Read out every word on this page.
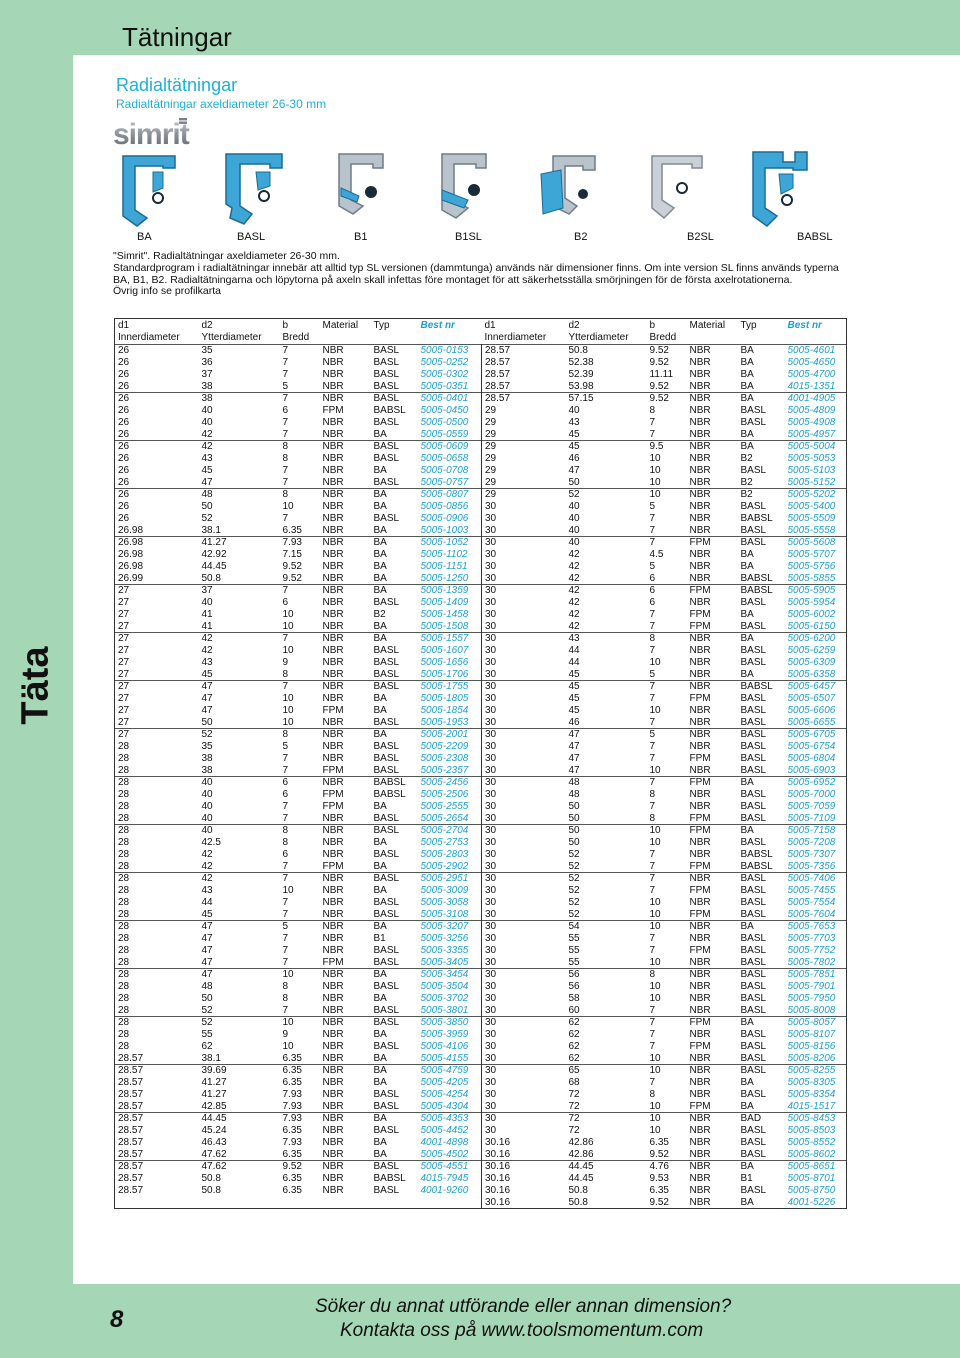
Täta
Tätningar
Radialtätningar
Radialtätningar axeldiameter 26-30 mm
simrit
BA	BASL	B1	B1SL	B2	B2SL	BABSL

"Simrit". Radialtätningar axeldiameter 26-30 mm.

Standardprogram i radialtätningar innebär att alltid typ SL versionen (dammtunga) används när dimensioner finns. Om inte version SL finns används typerna BA, B1, B2. Radialtätningarna och löpytorna på axeln skall infettas före montaget för att säkerhetsställa smörjningen för de första axelrotationerna.

Övrig info se profilkarta

d1	d2	b	Material	Typ	Best nr	d1	d2	b	Material	Typ	Best nr
Innerdiameter	Ytterdiameter	Bredd				Innerdiameter	Ytterdiameter	Bredd			
26	35	7	NBR	BASL	5005-0153	28.57	50.8	9.52	NBR	BA	5005-4601
26	36	7	NBR	BASL	5005-0252	28.57	52.38	9.52	NBR	BA	5005-4650
26	37	7	NBR	BASL	5005-0302	28.57	52.39	11.11	NBR	BA	5005-4700
26	38	5	NBR	BASL	5005-0351	28.57	53.98	9.52	NBR	BA	4015-1351
26	38	7	NBR	BASL	5005-0401	28.57	57.15	9.52	NBR	BA	4001-4905
26	40	6	FPM	BABSL	5005-0450	29	40	8	NBR	BASL	5005-4809
26	40	7	NBR	BASL	5005-0500	29	43	7	NBR	BASL	5005-4908
26	42	7	NBR	BA	5005-0559	29	45	7	NBR	BA	5005-4957
26	42	8	NBR	BASL	5005-0609	29	45	9.5	NBR	BA	5005-5004
26	43	8	NBR	BASL	5005-0658	29	46	10	NBR	B2	5005-5053
26	45	7	NBR	BA	5005-0708	29	47	10	NBR	BASL	5005-5103
26	47	7	NBR	BASL	5005-0757	29	50	10	NBR	B2	5005-5152
26	48	8	NBR	BA	5005-0807	29	52	10	NBR	B2	5005-5202
26	50	10	NBR	BA	5005-0856	30	40	5	NBR	BASL	5005-5400
26	52	7	NBR	BASL	5005-0906	30	40	7	NBR	BABSL	5005-5509
26.98	38.1	6.35	NBR	BA	5005-1003	30	40	7	NBR	BASL	5005-5558
26.98	41.27	7.93	NBR	BA	5005-1052	30	40	7	FPM	BASL	5005-5608
26.98	42.92	7.15	NBR	BA	5005-1102	30	42	4.5	NBR	BA	5005-5707
26.98	44.45	9.52	NBR	BA	5005-1151	30	42	5	NBR	BA	5005-5756
26.99	50.8	9.52	NBR	BA	5005-1250	30	42	6	NBR	BABSL	5005-5855
27	37	7	NBR	BA	5005-1359	30	42	6	FPM	BABSL	5005-5905
27	40	6	NBR	BASL	5005-1409	30	42	6	NBR	BASL	5005-5954
27	41	10	NBR	B2	5005-1458	30	42	7	FPM	BA	5005-6002
27	41	10	NBR	BA	5005-1508	30	42	7	FPM	BASL	5005-6150
27	42	7	NBR	BA	5005-1557	30	43	8	NBR	BA	5005-6200
27	42	10	NBR	BASL	5005-1607	30	44	7	NBR	BASL	5005-6259
27	43	9	NBR	BASL	5005-1656	30	44	10	NBR	BASL	5005-6309
27	45	8	NBR	BASL	5005-1706	30	45	5	NBR	BA	5005-6358
27	47	7	NBR	BASL	5005-1755	30	45	7	NBR	BABSL	5005-6457
27	47	10	NBR	BA	5005-1805	30	45	7	FPM	BASL	5005-6507
27	47	10	FPM	BA	5005-1854	30	45	10	NBR	BASL	5005-6606
27	50	10	NBR	BASL	5005-1953	30	46	7	NBR	BASL	5005-6655
27	52	8	NBR	BA	5005-2001	30	47	5	NBR	BASL	5005-6705
28	35	5	NBR	BASL	5005-2209	30	47	7	NBR	BASL	5005-6754
28	38	7	NBR	BASL	5005-2308	30	47	7	FPM	BASL	5005-6804
28	38	7	FPM	BASL	5005-2357	30	47	10	NBR	BASL	5005-6903
28	40	6	NBR	BABSL	5005-2456	30	48	7	FPM	BA	5005-6952
28	40	6	FPM	BABSL	5005-2506	30	48	8	NBR	BASL	5005-7000
28	40	7	FPM	BA	5005-2555	30	50	7	NBR	BASL	5005-7059
28	40	7	NBR	BASL	5005-2654	30	50	8	FPM	BASL	5005-7109
28	40	8	NBR	BASL	5005-2704	30	50	10	FPM	BA	5005-7158
28	42.5	8	NBR	BA	5005-2753	30	50	10	NBR	BASL	5005-7208
28	42	6	NBR	BASL	5005-2803	30	52	7	NBR	BABSL	5005-7307
28	42	7	FPM	BA	5005-2902	30	52	7	FPM	BABSL	5005-7356
28	42	7	NBR	BASL	5005-2951	30	52	7	NBR	BASL	5005-7406
28	43	10	NBR	BA	5005-3009	30	52	7	FPM	BASL	5005-7455
28	44	7	NBR	BASL	5005-3058	30	52	10	NBR	BASL	5005-7554
28	45	7	NBR	BASL	5005-3108	30	52	10	FPM	BASL	5005-7604
28	47	5	NBR	BA	5005-3207	30	54	10	NBR	BA	5005-7653
28	47	7	NBR	B1	5005-3256	30	55	7	NBR	BASL	5005-7703
28	47	7	NBR	BASL	5005-3355	30	55	7	FPM	BASL	5005-7752
28	47	7	FPM	BASL	5005-3405	30	55	10	NBR	BASL	5005-7802
28	47	10	NBR	BA	5005-3454	30	56	8	NBR	BASL	5005-7851
28	48	8	NBR	BASL	5005-3504	30	56	10	NBR	BASL	5005-7901
28	50	8	NBR	BA	5005-3702	30	58	10	NBR	BASL	5005-7950
28	52	7	NBR	BASL	5005-3801	30	60	7	NBR	BASL	5005-8008
28	52	10	NBR	BASL	5005-3850	30	62	7	FPM	BA	5005-8057
28	55	9	NBR	BA	5005-3959	30	62	7	NBR	BASL	5005-8107
28	62	10	NBR	BASL	5005-4106	30	62	7	FPM	BASL	5005-8156
28.57	38.1	6.35	NBR	BA	5005-4155	30	62	10	NBR	BASL	5005-8206
28.57	39.69	6.35	NBR	BA	5005-4759	30	65	10	NBR	BASL	5005-8255
28.57	41.27	6.35	NBR	BA	5005-4205	30	68	7	NBR	BA	5005-8305
28.57	41.27	7.93	NBR	BASL	5005-4254	30	72	8	NBR	BASL	5005-8354
28.57	42.85	7.93	NBR	BASL	5005-4304	30	72	10	FPM	BA	4015-1517
28.57	44.45	7.93	NBR	BA	5005-4353	30	72	10	NBR	BAD	5005-8453
28.57	45.24	6.35	NBR	BASL	5005-4452	30	72	10	NBR	BASL	5005-8503
28.57	46.43	7.93	NBR	BA	4001-4898	30.16	42.86	6.35	NBR	BASL	5005-8552
28.57	47.62	6.35	NBR	BA	5005-4502	30.16	42.86	9.52	NBR	BASL	5005-8602
28.57	47.62	9.52	NBR	BASL	5005-4551	30.16	44.45	4.76	NBR	BA	5005-8651
28.57	50.8	6.35	NBR	BABSL	4015-7945	30.16	44.45	9.53	NBR	B1	5005-8701
28.57	50.8	6.35	NBR	BASL	4001-9260	30.16	50.8	6.35	NBR	BASL	5005-8750
						30.16	50.8	9.52	NBR	BA	4001-5226
8	Söker du annat utförande eller annan dimension?
Kontakta oss på www.toolsmomentum.com
